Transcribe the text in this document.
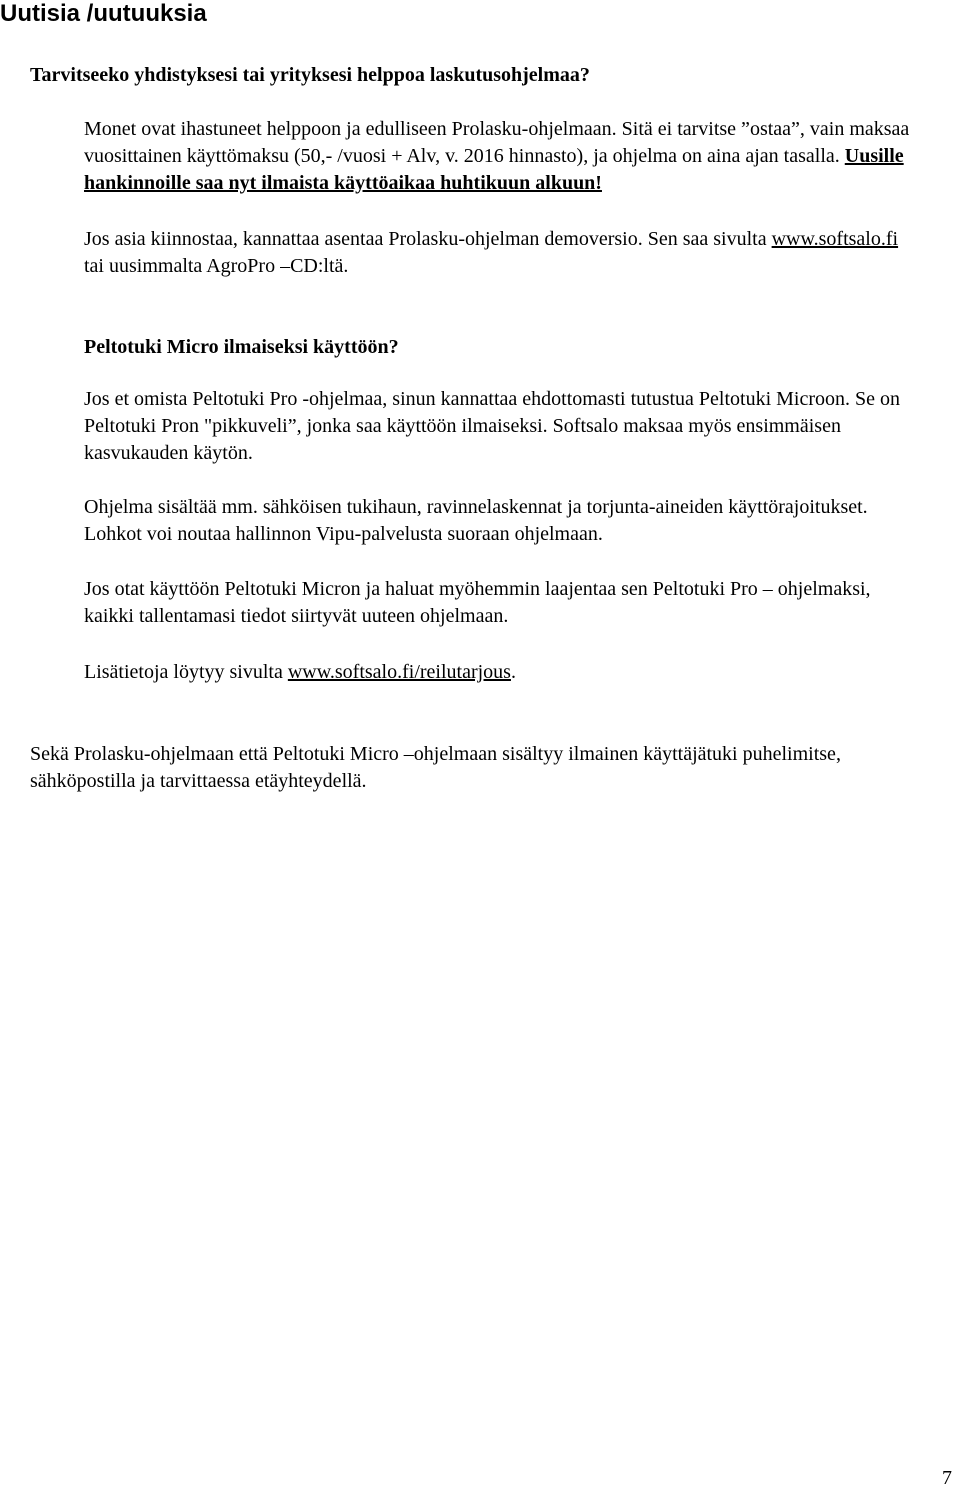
Uutisia /uutuuksia
Tarvitseeko yhdistyksesi tai yrityksesi helppoa laskutusohjelmaa?

Monet ovat ihastuneet helppoon ja edulliseen Prolasku-ohjelmaan. Sitä ei tarvitse ”ostaa”, vain maksaa vuosittainen käyttömaksu (50,- /vuosi + Alv, v. 2016 hinnasto), ja ohjelma on aina ajan tasalla. Uusille hankinnoille saa nyt ilmaista käyttöaikaa huhtikuun alkuun!

Jos asia kiinnostaa, kannattaa asentaa Prolasku-ohjelman demoversio. Sen saa sivulta www.softsalo.fi tai uusimmalta AgroPro –CD:ltä.

Peltotuki Micro ilmaiseksi käyttöön?

Jos et omista Peltotuki Pro -ohjelmaa, sinun kannattaa ehdottomasti tutustua Peltotuki Microon. Se on Peltotuki Pron "pikkuveli”, jonka saa käyttöön ilmaiseksi. Softsalo maksaa myös ensimmäisen kasvukauden käytön.

Ohjelma sisältää mm. sähköisen tukihaun, ravinnelaskennat ja torjunta-aineiden käyttörajoitukset. Lohkot voi noutaa hallinnon Vipu-palvelusta suoraan ohjelmaan.

Jos otat käyttöön Peltotuki Micron ja haluat myöhemmin laajentaa sen Peltotuki Pro – ohjelmaksi, kaikki tallentamasi tiedot siirtyvät uuteen ohjelmaan.

Lisätietoja löytyy sivulta www.softsalo.fi/reilutarjous.

Sekä Prolasku-ohjelmaan että Peltotuki Micro –ohjelmaan sisältyy ilmainen käyttäjätuki puhelimitse, sähköpostilla ja tarvittaessa etäyhteydellä.

7
